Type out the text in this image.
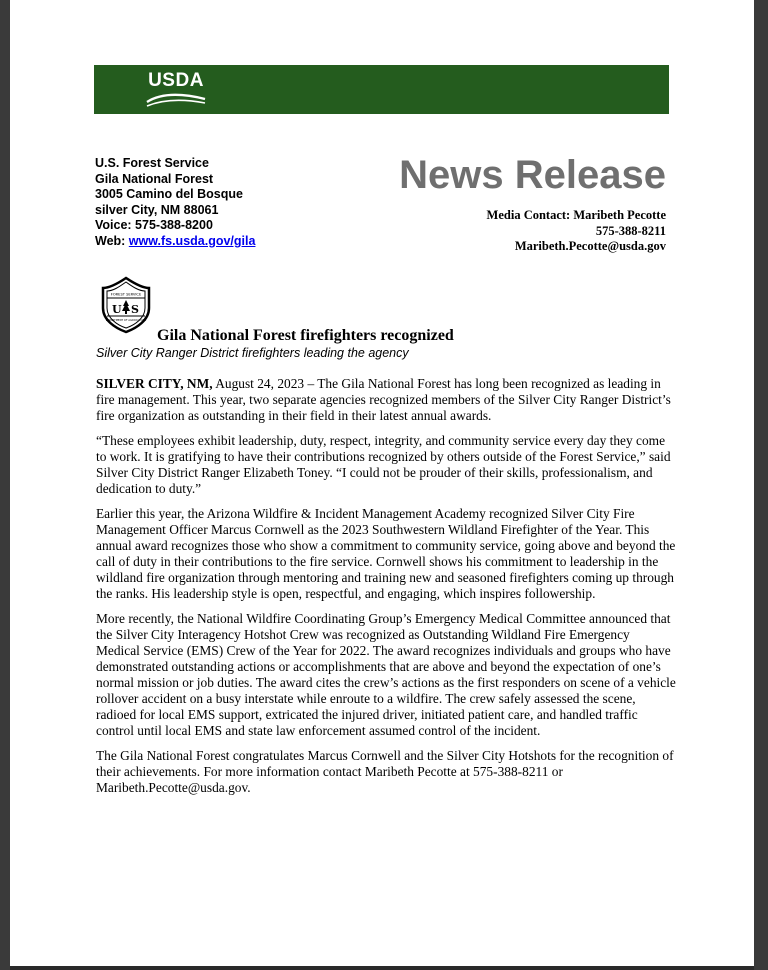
USDA
U.S. Forest Service
Gila National Forest
3005 Camino del Bosque
silver City, NM 88061
Voice: 575-388-8200
Web: www.fs.usda.gov/gila
News Release
Media Contact: Maribeth Pecotte
575-388-8211
Maribeth.Pecotte@usda.gov
U S
FOREST SERVICE
DEPARTMENT OF AGRICULTURE
Gila National Forest firefighters recognized
Silver City Ranger District firefighters leading the agency

SILVER CITY, NM, August 24, 2023 – The Gila National Forest has long been recognized as leading in fire management. This year, two separate agencies recognized members of the Silver City Ranger District’s fire organization as outstanding in their field in their latest annual awards.

“These employees exhibit leadership, duty, respect, integrity, and community service every day they come to work. It is gratifying to have their contributions recognized by others outside of the Forest Service,” said Silver City District Ranger Elizabeth Toney. “I could not be prouder of their skills, professionalism, and dedication to duty.”

Earlier this year, the Arizona Wildfire & Incident Management Academy recognized Silver City Fire Management Officer Marcus Cornwell as the 2023 Southwestern Wildland Firefighter of the Year. This annual award recognizes those who show a commitment to community service, going above and beyond the call of duty in their contributions to the fire service. Cornwell shows his commitment to leadership in the wildland fire organization through mentoring and training new and seasoned firefighters coming up through the ranks. His leadership style is open, respectful, and engaging, which inspires followership.

More recently, the National Wildfire Coordinating Group’s Emergency Medical Committee announced that the Silver City Interagency Hotshot Crew was recognized as Outstanding Wildland Fire Emergency Medical Service (EMS) Crew of the Year for 2022. The award recognizes individuals and groups who have demonstrated outstanding actions or accomplishments that are above and beyond the expectation of one’s normal mission or job duties. The award cites the crew’s actions as the first responders on scene of a vehicle rollover accident on a busy interstate while enroute to a wildfire. The crew safely assessed the scene, radioed for local EMS support, extricated the injured driver, initiated patient care, and handled traffic control until local EMS and state law enforcement assumed control of the incident.

The Gila National Forest congratulates Marcus Cornwell and the Silver City Hotshots for the recognition of their achievements. For more information contact Maribeth Pecotte at 575-388-8211 or Maribeth.Pecotte@usda.gov.
